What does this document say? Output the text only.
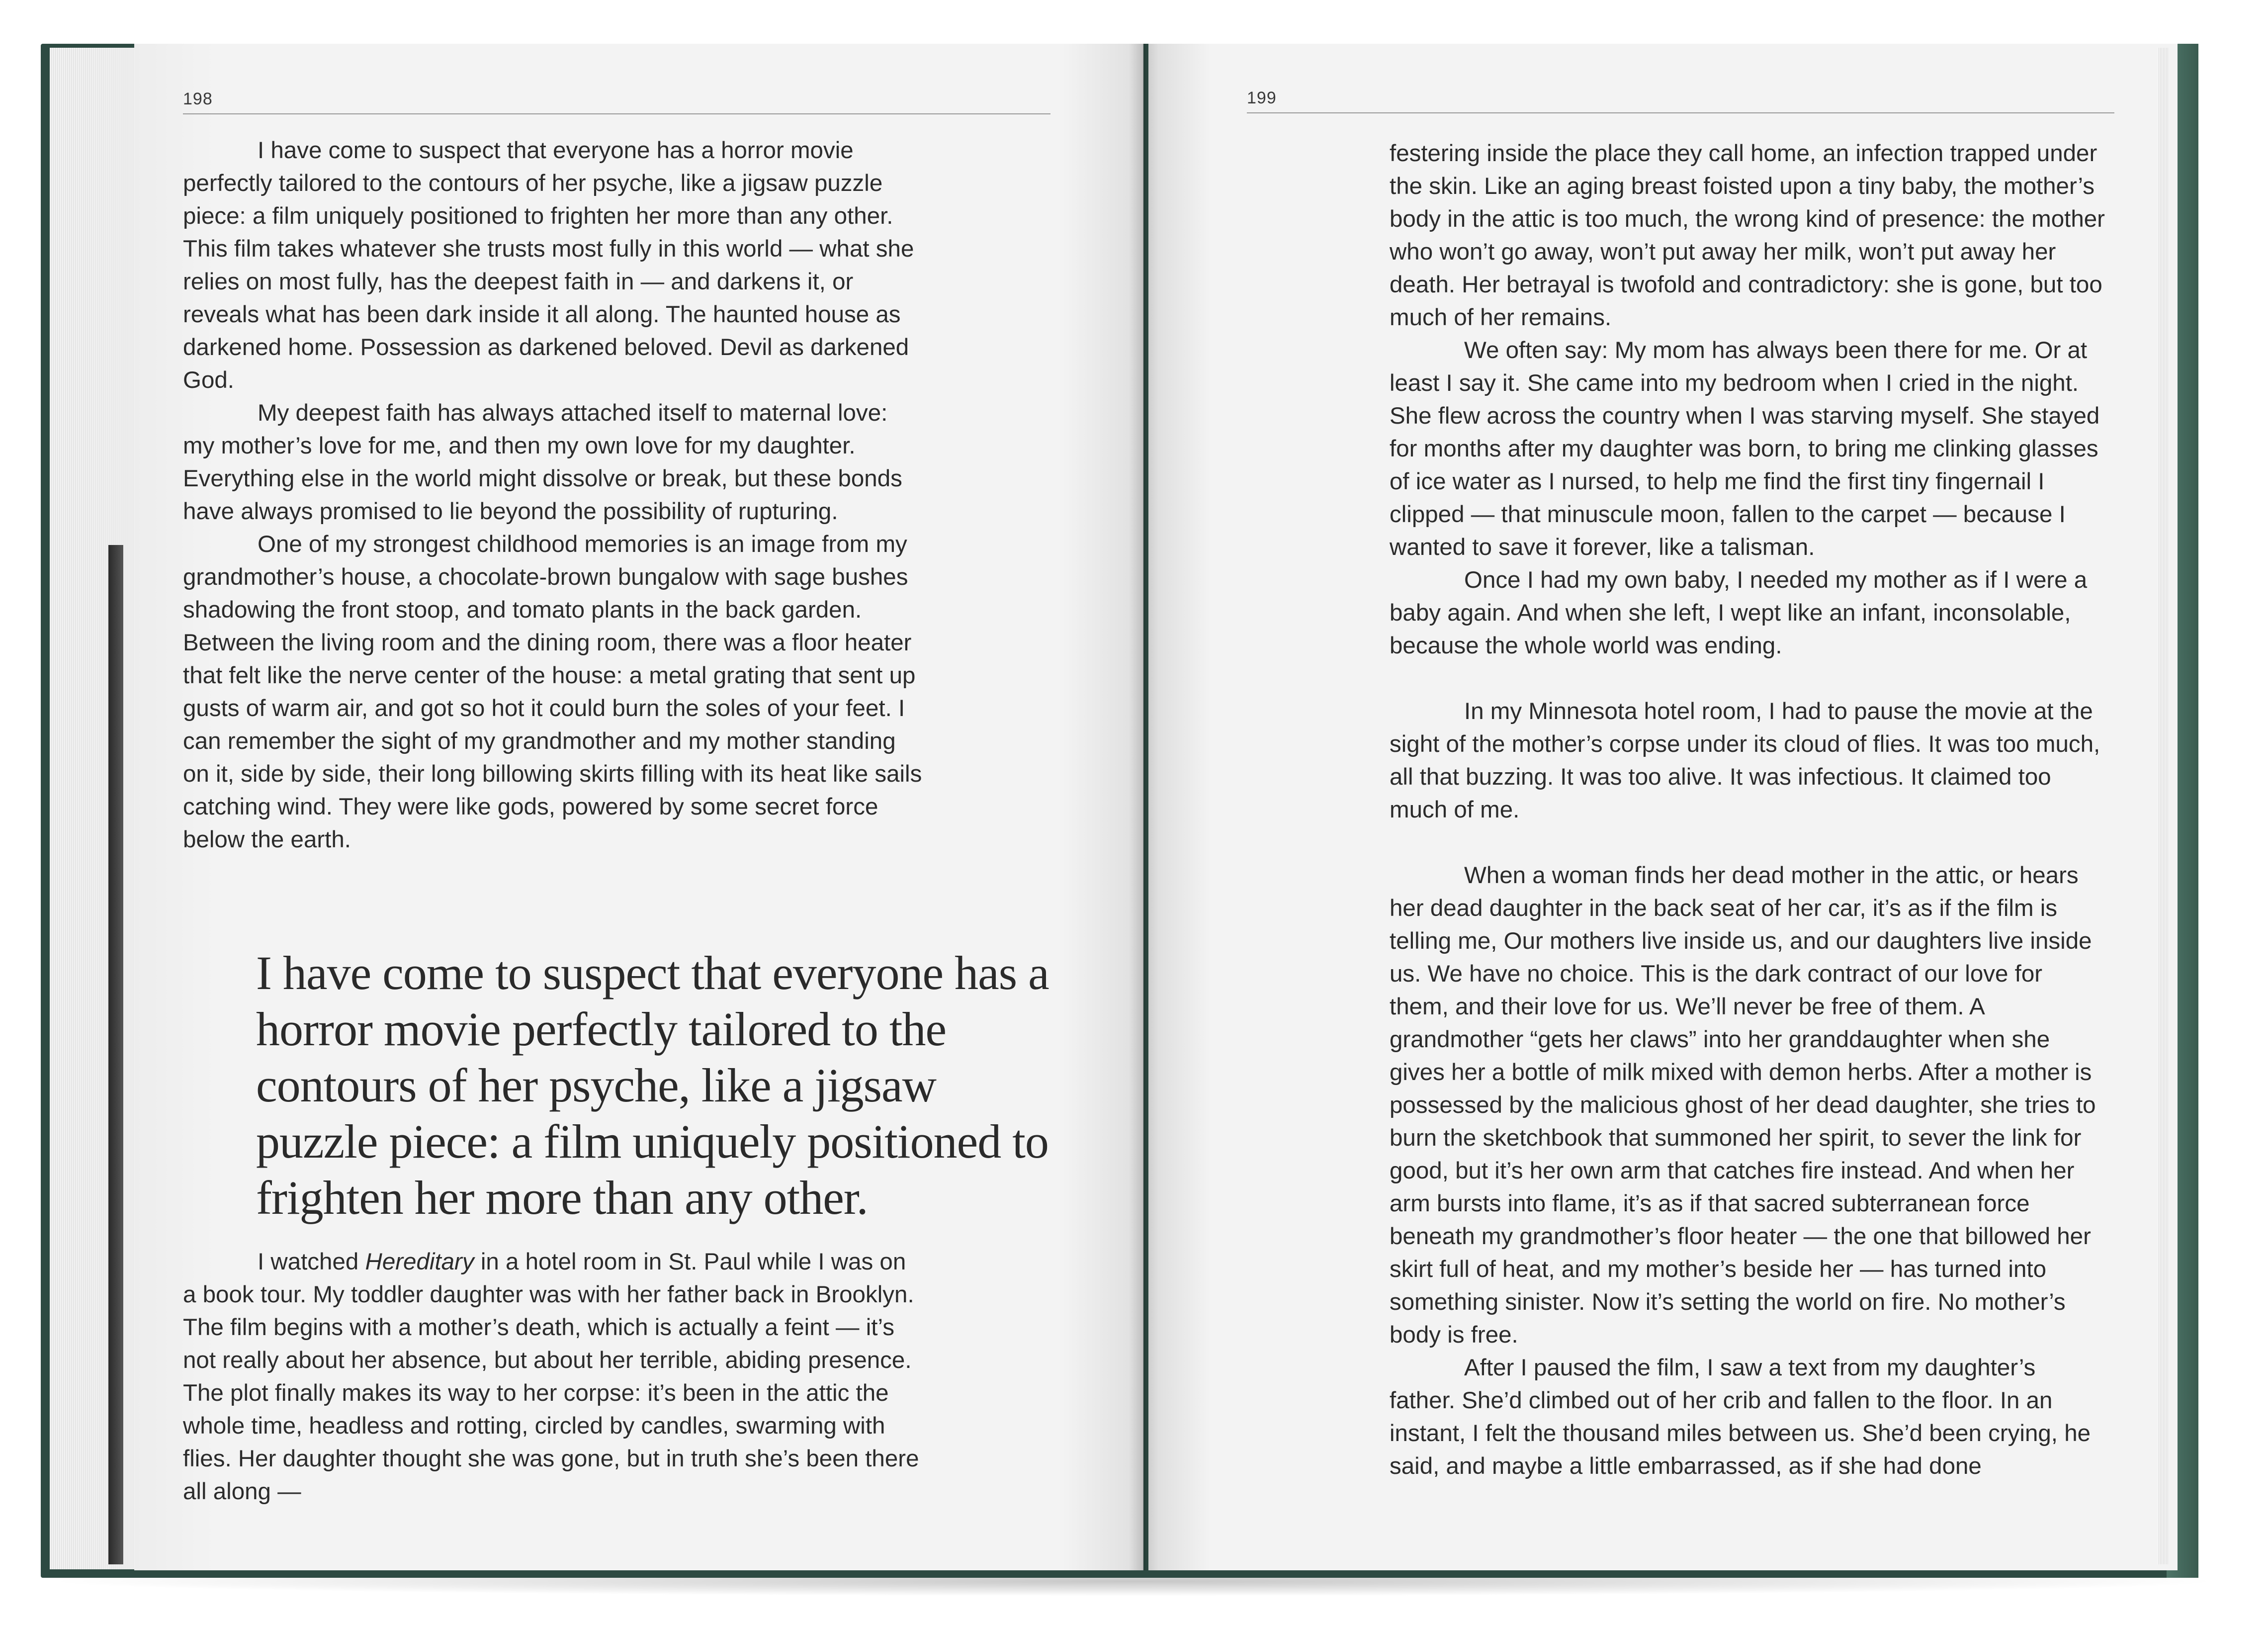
198

I have come to suspect that everyone has a horror movie perfectly tailored to the contours of her psyche, like a jigsaw puzzle piece: a film uniquely positioned to frighten her more than any other. This film takes whatever she trusts most fully in this world — what she relies on most fully, has the deepest faith in — and darkens it, or reveals what has been dark inside it all along. The haunted house as darkened home. Possession as darkened beloved. Devil as darkened God.

My deepest faith has always attached itself to maternal love: my mother’s love for me, and then my own love for my daughter. Everything else in the world might dissolve or break, but these bonds have always promised to lie beyond the possibility of rupturing.

One of my strongest childhood memories is an image from my grandmother’s house, a chocolate-brown bungalow with sage bushes shadowing the front stoop, and tomato plants in the back garden. Between the living room and the dining room, there was a floor heater that felt like the nerve center of the house: a metal grating that sent up gusts of warm air, and got so hot it could burn the soles of your feet. I can remember the sight of my grandmother and my mother standing on it, side by side, their long billowing skirts filling with its heat like sails catching wind. They were like gods, powered by some secret force below the earth.

I have come to suspect that everyone has a horror movie perfectly tailored to the contours of her psyche, like a jigsaw puzzle piece: a film uniquely positioned to frighten her more than any other.

I watched Hereditary in a hotel room in St. Paul while I was on a book tour. My toddler daughter was with her father back in Brooklyn. The film begins with a mother’s death, which is actually a feint — it’s not really about her absence, but about her terrible, abiding presence. The plot finally makes its way to her corpse: it’s been in the attic the whole time, headless and rotting, circled by candles, swarming with flies. Her daughter thought she was gone, but in truth she’s been there all along —

199

festering inside the place they call home, an infection trapped under the skin. Like an aging breast foisted upon a tiny baby, the mother’s body in the attic is too much, the wrong kind of presence: the mother who won’t go away, won’t put away her milk, won’t put away her death. Her betrayal is twofold and contradictory: she is gone, but too much of her remains.

We often say: My mom has always been there for me. Or at least I say it. She came into my bedroom when I cried in the night. She flew across the country when I was starving myself. She stayed for months after my daughter was born, to bring me clinking glasses of ice water as I nursed, to help me find the first tiny fingernail I clipped — that minuscule moon, fallen to the carpet — because I wanted to save it forever, like a talisman.

Once I had my own baby, I needed my mother as if I were a baby again. And when she left, I wept like an infant, inconsolable, because the whole world was ending.

In my Minnesota hotel room, I had to pause the movie at the sight of the mother’s corpse under its cloud of flies. It was too much, all that buzzing. It was too alive. It was infectious. It claimed too much of me.

When a woman finds her dead mother in the attic, or hears her dead daughter in the back seat of her car, it’s as if the film is telling me, Our mothers live inside us, and our daughters live inside us. We have no choice. This is the dark contract of our love for them, and their love for us. We’ll never be free of them. A grandmother “gets her claws” into her granddaughter when she gives her a bottle of milk mixed with demon herbs. After a mother is possessed by the malicious ghost of her dead daughter, she tries to burn the sketchbook that summoned her spirit, to sever the link for good, but it’s her own arm that catches fire instead. And when her arm bursts into flame, it’s as if that sacred subterranean force beneath my grandmother’s floor heater — the one that billowed her skirt full of heat, and my mother’s beside her — has turned into something sinister. Now it’s setting the world on fire. No mother’s body is free.

After I paused the film, I saw a text from my daughter’s father. She’d climbed out of her crib and fallen to the floor. In an instant, I felt the thousand miles between us. She’d been crying, he said, and maybe a little embarrassed, as if she had done
